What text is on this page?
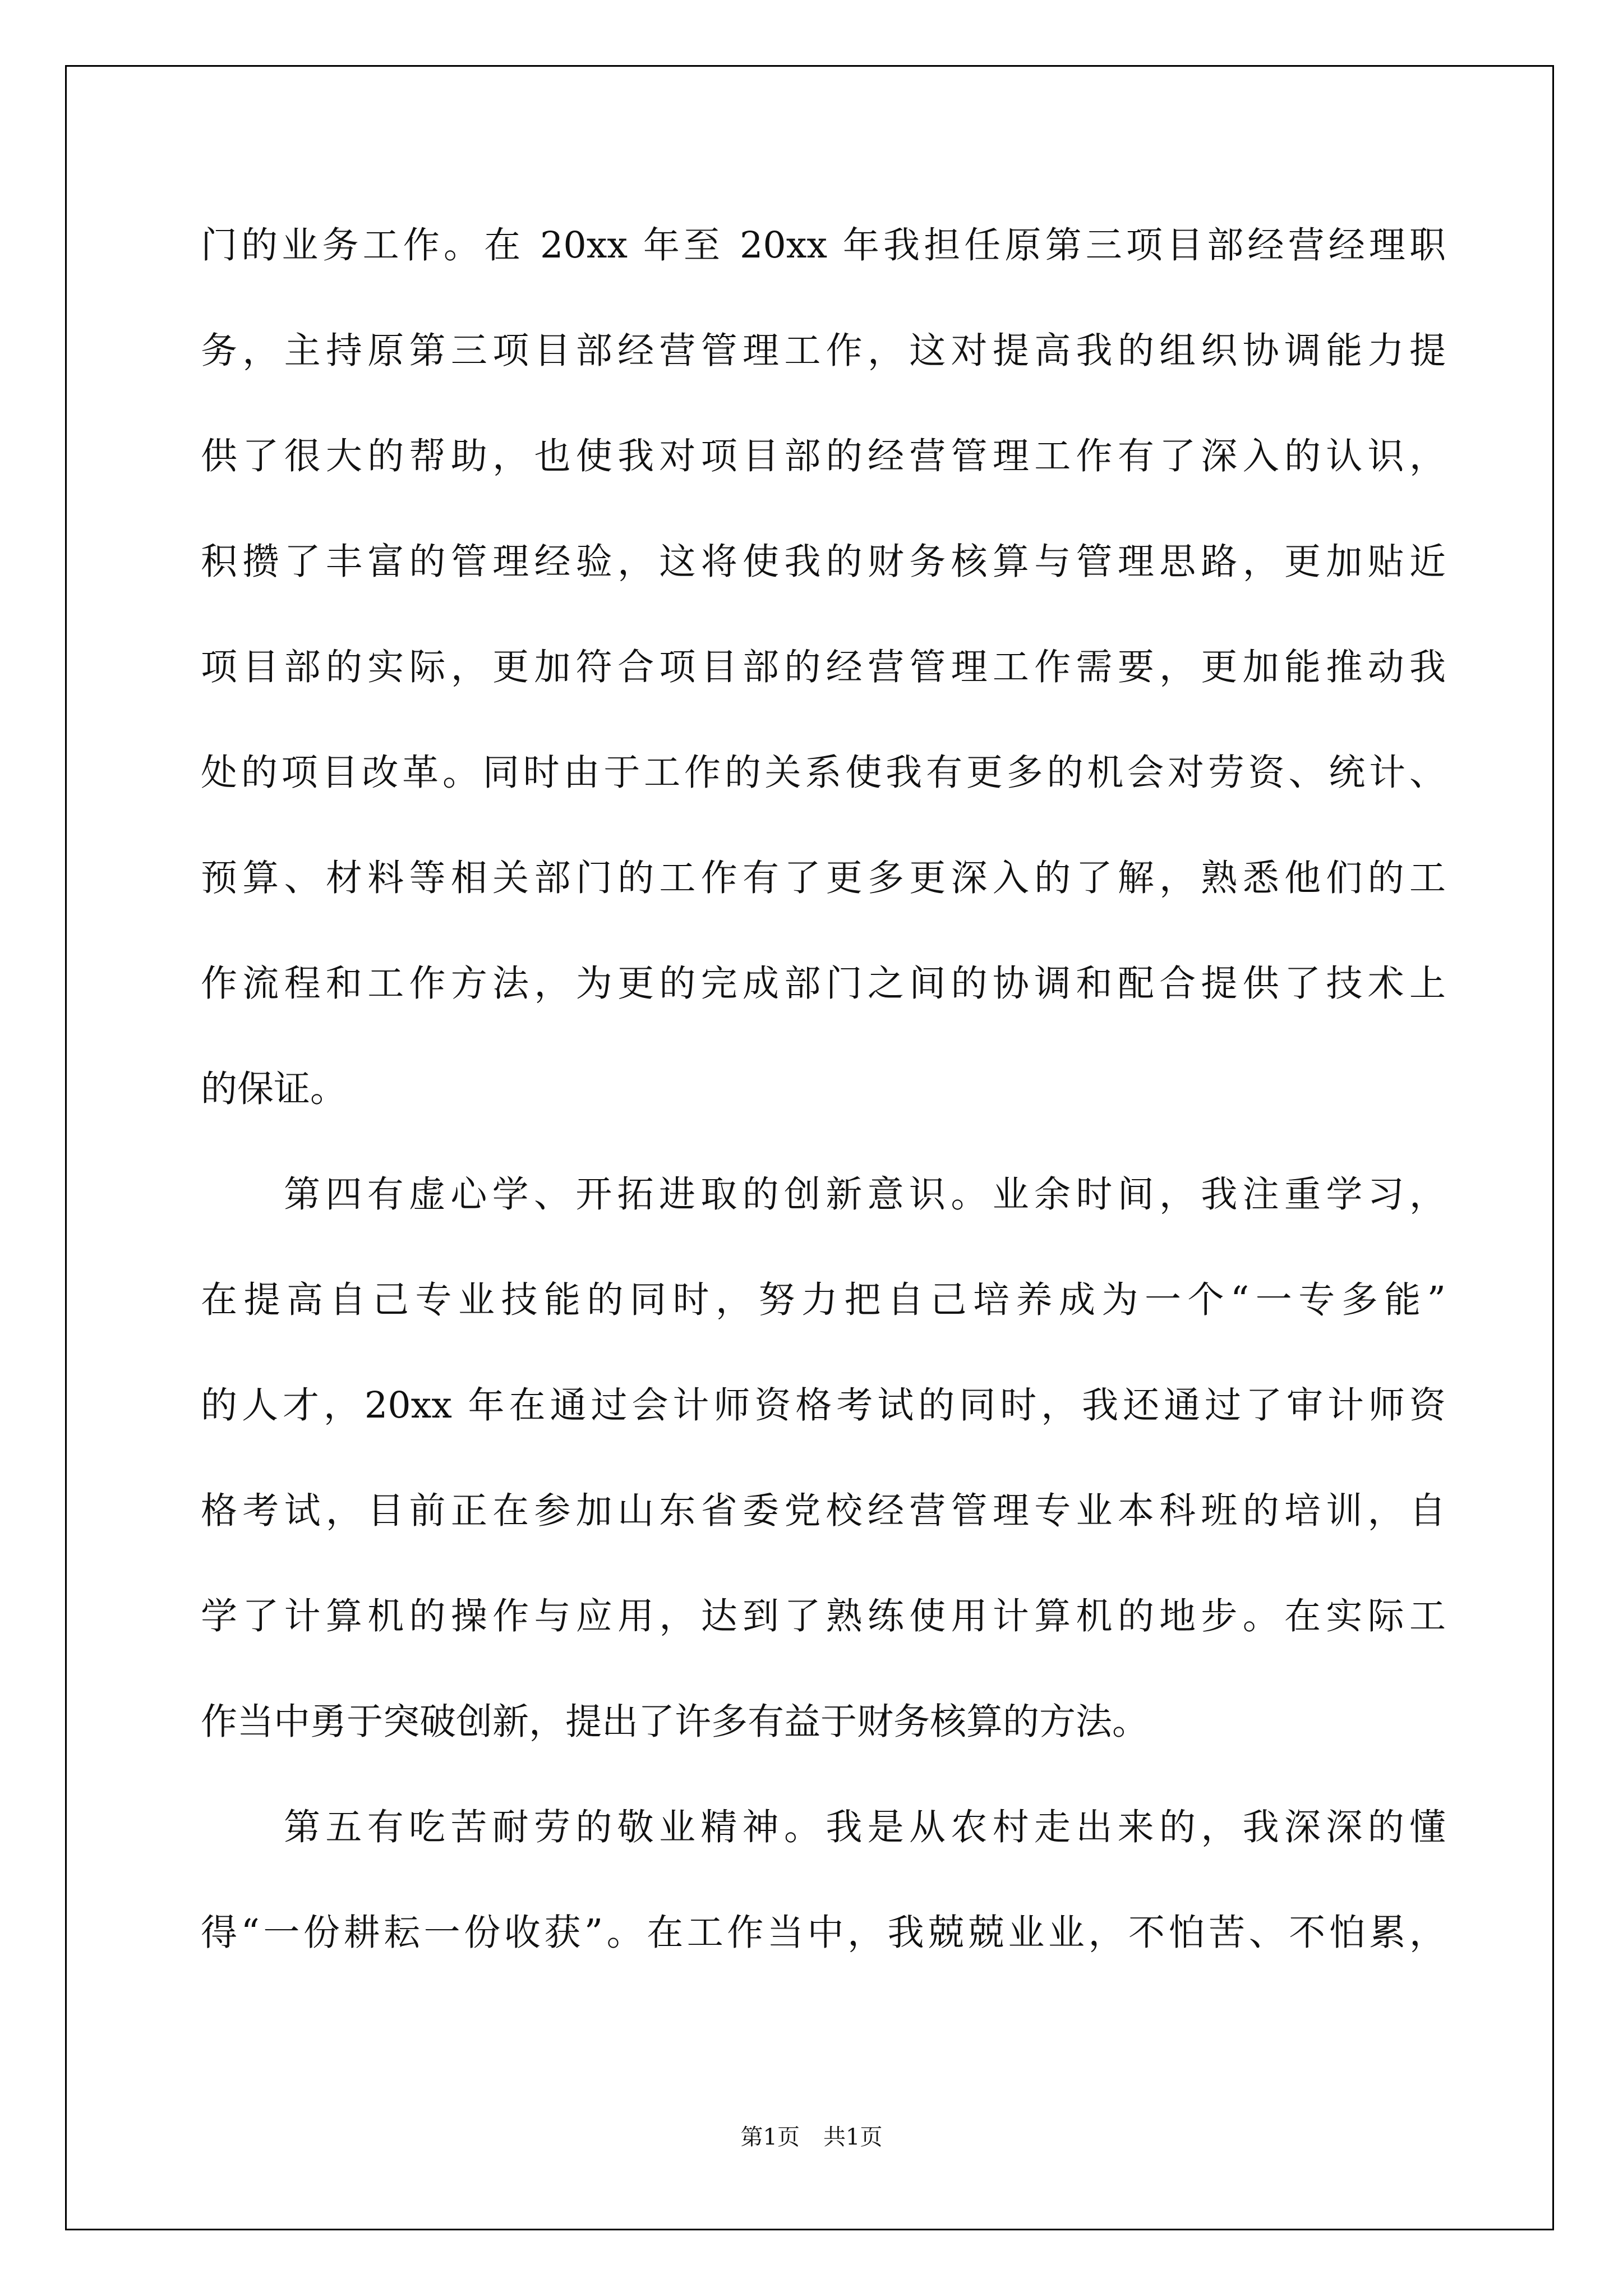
门的业务工作。在 20xx 年至 20xx 年我担任原第三项目部经营经理职
务，主持原第三项目部经营管理工作，这对提高我的组织协调能力提
供了很大的帮助，也使我对项目部的经营管理工作有了深入的认识，
积攒了丰富的管理经验，这将使我的财务核算与管理思路，更加贴近
项目部的实际，更加符合项目部的经营管理工作需要，更加能推动我
处的项目改革。同时由于工作的关系使我有更多的机会对劳资、统计、
预算、材料等相关部门的工作有了更多更深入的了解，熟悉他们的工
作流程和工作方法，为更的完成部门之间的协调和配合提供了技术上
的保证。
第四有虚心学、开拓进取的创新意识。业余时间，我注重学习，
在提高自己专业技能的同时，努力把自己培养成为一个“一专多能”
的人才，20xx 年在通过会计师资格考试的同时，我还通过了审计师资
格考试，目前正在参加山东省委党校经营管理专业本科班的培训，自
学了计算机的操作与应用，达到了熟练使用计算机的地步。在实际工
作当中勇于突破创新，提出了许多有益于财务核算的方法。
第五有吃苦耐劳的敬业精神。我是从农村走出来的，我深深的懂
得“一份耕耘一份收获”。在工作当中，我兢兢业业，不怕苦、不怕累，
第1页 共1页
